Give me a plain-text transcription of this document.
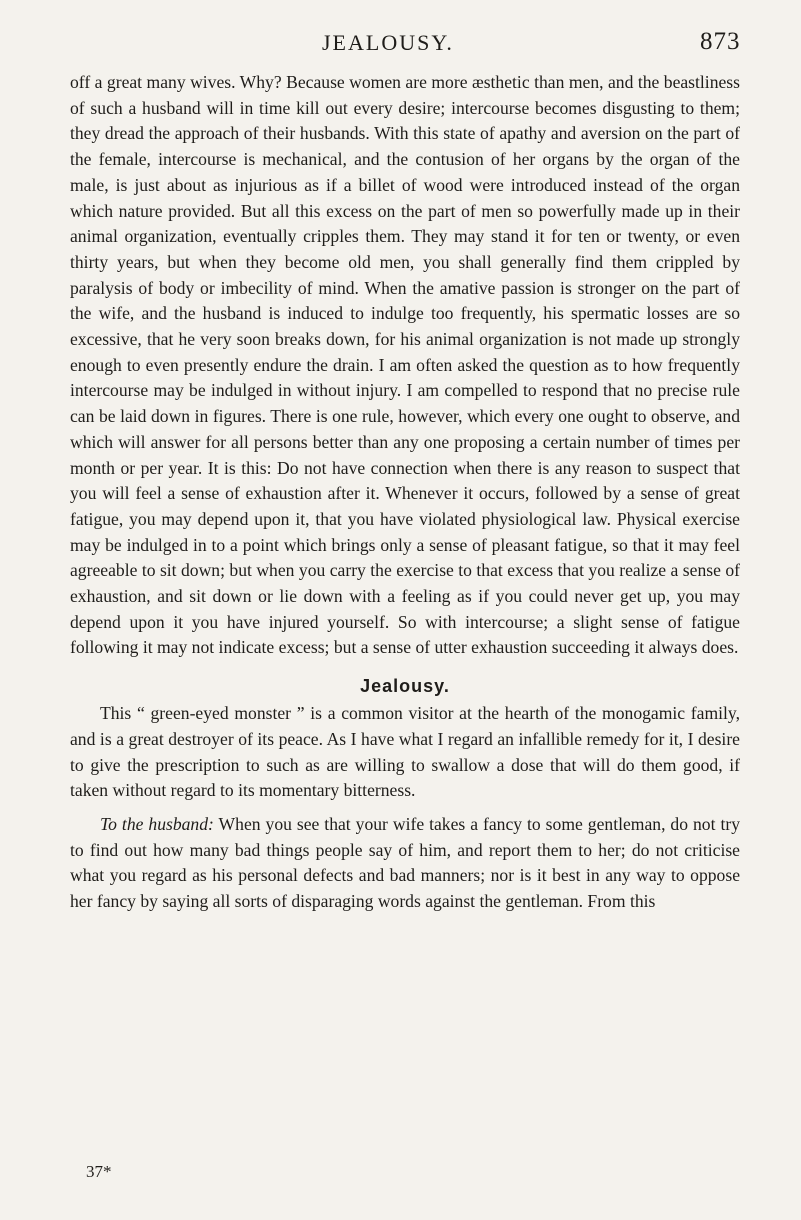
JEALOUSY.	873

off a great many wives. Why? Because women are more æsthetic than men, and the beastliness of such a husband will in time kill out every desire; intercourse becomes disgusting to them; they dread the approach of their husbands. With this state of apathy and aversion on the part of the female, intercourse is mechanical, and the contusion of her organs by the organ of the male, is just about as injurious as if a billet of wood were introduced instead of the organ which nature provided. But all this excess on the part of men so powerfully made up in their animal organization, eventually cripples them. They may stand it for ten or twenty, or even thirty years, but when they become old men, you shall generally find them crippled by paralysis of body or imbecility of mind. When the amative passion is stronger on the part of the wife, and the husband is induced to indulge too frequently, his spermatic losses are so excessive, that he very soon breaks down, for his animal organization is not made up strongly enough to even presently endure the drain. I am often asked the question as to how frequently intercourse may be indulged in without injury. I am compelled to respond that no precise rule can be laid down in figures. There is one rule, however, which every one ought to observe, and which will answer for all persons better than any one proposing a certain number of times per month or per year. It is this: Do not have connection when there is any reason to suspect that you will feel a sense of exhaustion after it. Whenever it occurs, followed by a sense of great fatigue, you may depend upon it, that you have violated physiological law. Physical exercise may be indulged in to a point which brings only a sense of pleasant fatigue, so that it may feel agreeable to sit down; but when you carry the exercise to that excess that you realize a sense of exhaustion, and sit down or lie down with a feeling as if you could never get up, you may depend upon it you have injured yourself. So with intercourse; a slight sense of fatigue following it may not indicate excess; but a sense of utter exhaustion succeeding it always does.

Jealousy.

This “ green-eyed monster ” is a common visitor at the hearth of the monogamic family, and is a great destroyer of its peace. As I have what I regard an infallible remedy for it, I desire to give the prescription to such as are willing to swallow a dose that will do them good, if taken without regard to its momentary bitterness.

To the husband: When you see that your wife takes a fancy to some gentleman, do not try to find out how many bad things people say of him, and report them to her; do not criticise what you regard as his personal defects and bad manners; nor is it best in any way to oppose her fancy by saying all sorts of disparaging words against the gentleman. From this

37*
